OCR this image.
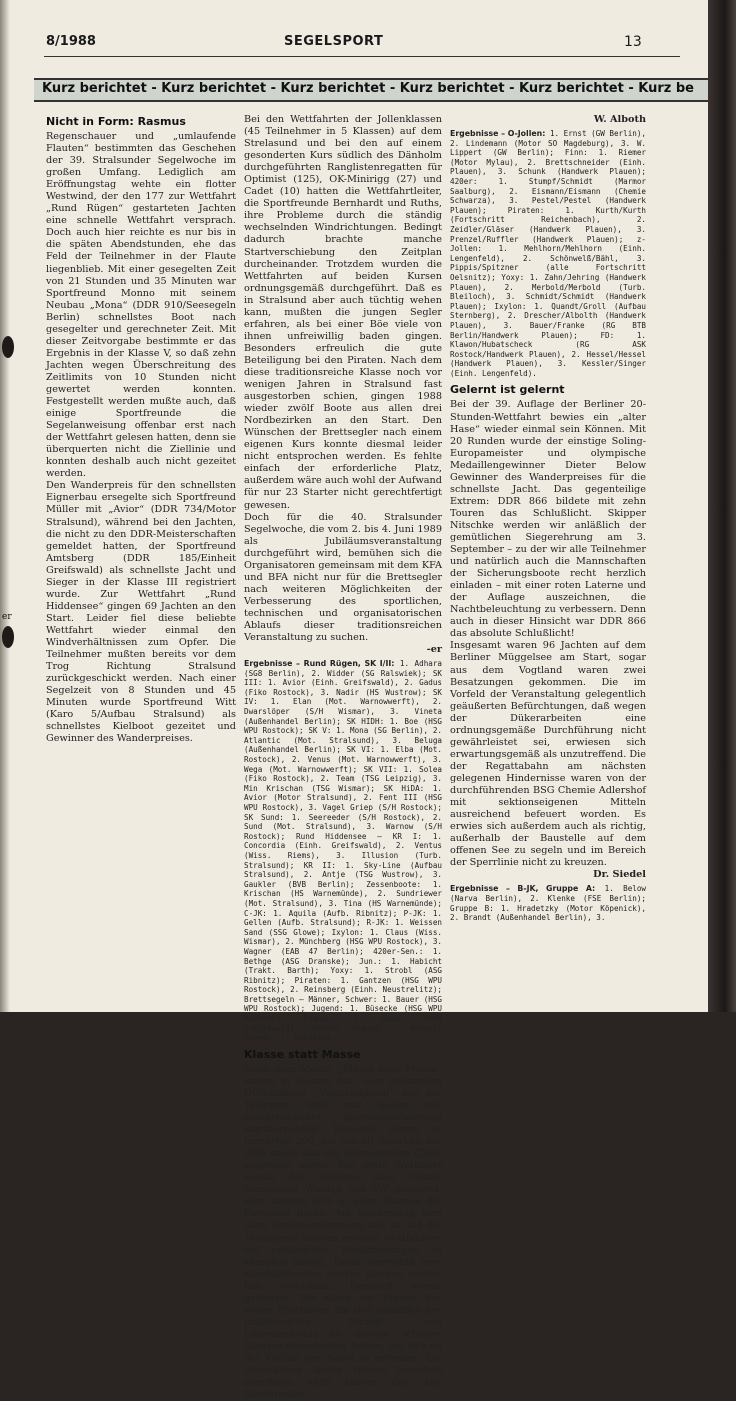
8/1988	SEGELSPORT	13
Kurz berichtet - Kurz berichtet - Kurz berichtet - Kurz berichtet - Kurz berichtet - Kurz be
er
Nicht in Form: Rasmus

Regenschauer und „umlaufende Flauten“ bestimmten das Geschehen der 39. Stralsunder Segelwoche im großen Umfang. Lediglich am Eröffnungstag wehte ein flotter Westwind, der den 177 zur Wettfahrt „Rund Rügen“ gestarteten Jachten eine schnelle Wettfahrt versprach. Doch auch hier reichte es nur bis in die späten Abendstunden, ehe das Feld der Teilnehmer in der Flaute liegenblieb. Mit einer gesegelten Zeit von 21 Stunden und 35 Minuten war Sportfreund Monno mit seinem Neubau „Mona“ (DDR 910/Seesegeln Berlin) schnellstes Boot nach gesegelter und gerechneter Zeit. Mit dieser Zeitvorgabe bestimmte er das Ergebnis in der Klasse V, so daß zehn Jachten wegen Überschreitung des Zeitlimits von 10 Stunden nicht gewertet werden konnten. Festgestellt werden mußte auch, daß einige Sportfreunde die Segelanweisung offenbar erst nach der Wettfahrt gelesen hatten, denn sie überquerten nicht die Ziellinie und konnten deshalb auch nicht gezeitet werden.

Den Wanderpreis für den schnellsten Eignerbau ersegelte sich Sportfreund Müller mit „Avior“ (DDR 734/Motor Stralsund), während bei den Jachten, die nicht zu den DDR-Meisterschaften gemeldet hatten, der Sportfreund Amtsberg (DDR 185/Einheit Greifswald) als schnellste Jacht und Sieger in der Klasse III registriert wurde. Zur Wettfahrt „Rund Hiddensee“ gingen 69 Jachten an den Start. Leider fiel diese beliebte Wettfahrt wieder einmal den Windverhältnissen zum Opfer. Die Teilnehmer mußten bereits vor dem Trog Richtung Stralsund zurückgeschickt werden. Nach einer Segelzeit von 8 Stunden und 45 Minuten wurde Sportfreund Witt (Karo 5/Aufbau Stralsund) als schnellstes Kielboot gezeitet und Gewinner des Wanderpreises.

Bei den Wettfahrten der Jollenklassen (45 Teilnehmer in 5 Klassen) auf dem Strelasund und bei den auf einem gesonderten Kurs südlich des Dänholm durchgeführten Ranglistenregatten für Optimist (125), OK-Minirigg (27) und Cadet (10) hatten die Wettfahrtleiter, die Sportfreunde Bernhardt und Ruths, ihre Probleme durch die ständig wechselnden Windrichtungen. Bedingt dadurch brachte manche Startverschiebung den Zeitplan durcheinander. Trotzdem wurden die Wettfahrten auf beiden Kursen ordnungsgemäß durchgeführt. Daß es in Stralsund aber auch tüchtig wehen kann, mußten die jungen Segler erfahren, als bei einer Böe viele von ihnen unfreiwillig baden gingen. Besonders erfreulich die gute Beteiligung bei den Piraten. Nach dem diese traditionsreiche Klasse noch vor wenigen Jahren in Stralsund fast ausgestorben schien, gingen 1988 wieder zwölf Boote aus allen drei Nordbezirken an den Start. Den Wünschen der Brettsegler nach einem eigenen Kurs konnte diesmal leider nicht entsprochen werden. Es fehlte einfach der erforderliche Platz, außerdem wäre auch wohl der Aufwand für nur 23 Starter nicht gerechtfertigt gewesen.

Doch für die 40. Stralsunder Segelwoche, die vom 2. bis 4. Juni 1989 als Jubiläumsveranstaltung durchgeführt wird, bemühen sich die Organisatoren gemeinsam mit dem KFA und BFA nicht nur für die Brettsegler nach weiteren Möglichkeiten der Verbesserung des sportlichen, technischen und organisatorischen Ablaufs dieser traditionsreichen Veranstaltung zu suchen.

-er

Ergebnisse – Rund Rügen, SK I/II: 1. Adhara (SG8 Berlin), 2. Widder (SG Ralswiek); SK III: 1. Avior (Einh. Greifswald), 2. Gadus (Fiko Rostock), 3. Nadir (HS Wustrow); SK IV: 1. Elan (Mot. Warnowwerft), 2. Dwarslöper (S/H Wismar), 3. Vineta (Außenhandel Berlin); SK HIDH: 1. Boe (HSG WPU Rostock); SK V: 1. Mona (SG Berlin), 2. Atlantic (Mot. Stralsund), 3. Beluga (Außenhandel Berlin); SK VI: 1. Elba (Mot. Rostock), 2. Venus (Mot. Warnowwerft), 3. Wega (Mot. Warnowwerft); SK VII: 1. Solea (Fiko Rostock), 2. Team (TSG Leipzig), 3. Min Krischan (TSG Wismar); SK HiDA: 1. Avior (Motor Stralsund), 2. Fent III (HSG WPU Rostock), 3. Vagel Griep (S/H Rostock); SK Sund: 1. Seereeder (S/H Rostock), 2. Sund (Mot. Stralsund), 3. Warnow (S/H Rostock); Rund Hiddensee – KR I: 1. Concordia (Einh. Greifswald), 2. Ventus (Wiss. Riems), 3. Illusion (Turb. Stralsund); KR II: 1. Sky-Line (Aufbau Stralsund), 2. Antje (TSG Wustrow), 3. Gaukler (BVB Berlin); Zessenboote: 1. Krischan (HS Warnemünde), 2. Sundriewer (Mot. Stralsund), 3. Tina (HS Warnemünde); C-JK: 1. Aquila (Aufb. Ribnitz); P-JK: 1. Gellen (Aufb. Stralsund); R-JK: 1. Weissen Sand (SSG Glowe); Ixylon: 1. Claus (Wiss. Wismar), 2. Münchberg (HSG WPU Rostock), 3. Wagner (EAB 47 Berlin); 420er-Sen.: 1. Bethge (ASG Dranske); Jun.: 1. Habicht (Trakt. Barth); Yoxy: 1. Strobl (ASG Ribnitz); Piraten: 1. Gantzen (HSG WPU Rostock), 2. Reinsberg (Einh. Neustrelitz); Brettsegeln – Männer, Schwer: 1. Bauer (HSG WPU Rostock); Jugend: 1. Büsecke (HSG WPU Rostock); Frauen: 1. Rados (KKW Greifswald); offene Klasse – Männer, Schwer: 1. Benedict.
Klasse statt Masse

Nach dem Motto: „Klasse statt Masse“ waren in diesem Jahr zum bekannten DDR-offenen „Vogtlandpokal“ auf der Talsperre Pöhl nur Segler mit entsprechender Sportklassifizierung startberechtigt. Dennoch waren es immerhin 200, die aus elf Bezirken der DDR sowie aus der befreundeten CSSR angereist waren. Die erste Wettfahrt wurde bei leichten aber relativ konstanten Winden aus SW gestartet. Hier setzten sich in allen Klassen die Favoriten durch. Am Nachmittag kam dann Gewitterstimmung auf, so daß die Teilnehmer bei den zweiten Wettfahrten mit erheblichen Winddrehungen zu kämpfen hatten. Dafür herrschte zum abschließenden vierten Rennen wieder fast Windstille. Dennoch wurde gestartet. Vor allem zur Freude der vielen Zuschauer, die sich anläßlich des traditionellen Strand- und Laternenfestes an diesem schönen Stausee eingefunden hatten, um sich an der Vielfalt der Segel zu erfreuen. Ein dreimaliges lautes Hupen beendete allerdings nach kurzer Zeit alle Segelqualen.

W. Alboth

Ergebnisse – O-Jollen: 1. Ernst (GW Berlin), 2. Lindemann (Motor SO Magdeburg), 3. W. Lippert (GW Berlin); Finn: 1. Riemer (Motor Mylau), 2. Brettschneider (Einh. Plauen), 3. Schunk (Handwerk Plauen); 420er: 1. Stumpf/Schmidt (Marmor Saalburg), 2. Eismann/Eismann (Chemie Schwarza), 3. Pestel/Pestel (Handwerk Plauen); Piraten: 1. Kurth/Kurth (Fortschritt Reichenbach), 2. Zeidler/Gläser (Handwerk Plauen), 3. Prenzel/Ruffler (Handwerk Plauen); z-Jollen: 1. Mehlhorn/Mehlhorn (Einh. Lengenfeld), 2. Schönwelß/Bähl, 3. Pippis/Spitzner (alle Fortschritt Oelsnitz); Yoxy: 1. Zahn/Jehring (Handwerk Plauen), 2. Merbold/Merbold (Turb. Bleiloch), 3. Schmidt/Schmidt (Handwerk Plauen); Ixylon: 1. Quandt/Groll (Aufbau Sternberg), 2. Drescher/Albolth (Handwerk Plauen), 3. Bauer/Franke (RG BTB Berlin/Handwerk Plauen); FD: 1. Klawon/Hubatscheck (RG ASK Rostock/Handwerk Plauen), 2. Hessel/Hessel (Handwerk Plauen), 3. Kessler/Singer (Einh. Lengenfeld).
Gelernt ist gelernt

Bei der 39. Auflage der Berliner 20-Stunden-Wettfahrt bewies ein „alter Hase“ wieder einmal sein Können. Mit 20 Runden wurde der einstige Soling-Europameister und olympische Medaillengewinner Dieter Below Gewinner des Wanderpreises für die schnellste Jacht. Das gegenteilige Extrem: DDR 866 bildete mit zehn Touren das Schlußlicht. Skipper Nitschke werden wir anläßlich der gemütlichen Siegerehrung am 3. September – zu der wir alle Teilnehmer und natürlich auch die Mannschaften der Sicherungsboote recht herzlich einladen – mit einer roten Laterne und der Auflage auszeichnen, die Nachtbeleuchtung zu verbessern. Denn auch in dieser Hinsicht war DDR 866 das absolute Schlußlicht!

Insgesamt waren 96 Jachten auf dem Berliner Müggelsee am Start, sogar aus dem Vogtland waren zwei Besatzungen gekommen. Die im Vorfeld der Veranstaltung gelegentlich geäußerten Befürchtungen, daß wegen der Dükerarbeiten eine ordnungsgemäße Durchführung nicht gewährleistet sei, erwiesen sich erwartungsgemäß als unzutreffend. Die der Regattabahn am nächsten gelegenen Hindernisse waren von der durchführenden BSG Chemie Adlershof mit sektionseigenen Mitteln ausreichend befeuert worden. Es erwies sich außerdem auch als richtig, außerhalb der Baustelle auf dem offenen See zu segeln und im Bereich der Sperrlinie nicht zu kreuzen.

Dr. Siedel

Ergebnisse – B-JK, Gruppe A: 1. Below (Narva Berlin), 2. Klenke (FSE Berlin); Gruppe B: 1. Hradetzky (Motor Köpenick), 2. Brandt (Außenhandel Berlin), 3.
